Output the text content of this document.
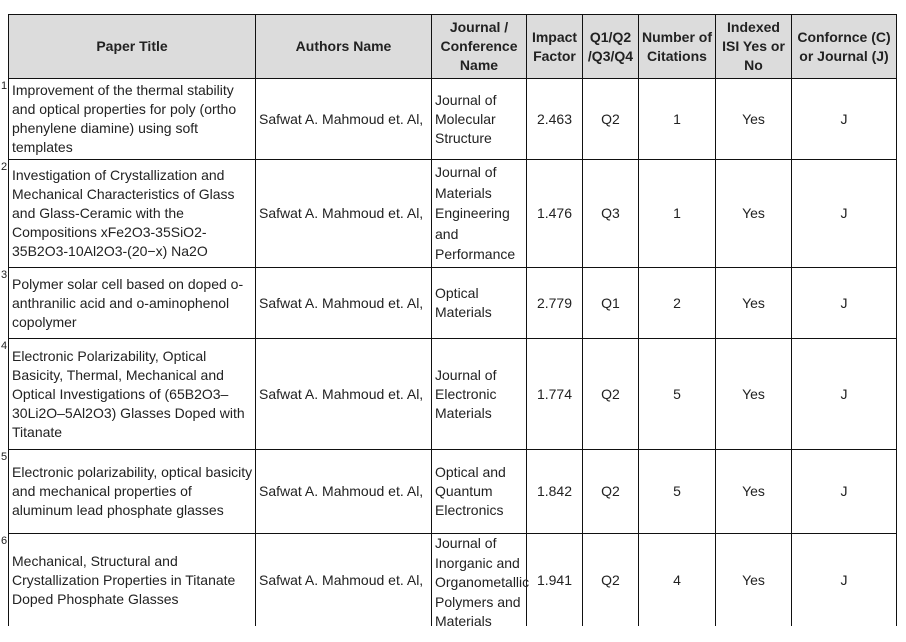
Paper Title	Authors Name	Journal / Conference Name	Impact Factor	Q1/Q2 /Q3/Q4	Number of Citations	Indexed ISI Yes or No	Confornce (C) or Journal (J)

1 Improvement of the thermal stability and optical properties for poly (ortho phenylene diamine) using soft templates	Safwat A. Mahmoud et. Al,	Journal of Molecular Structure	2.463	Q2	1	Yes	J

2 Investigation of Crystallization and Mechanical Characteristics of Glass and Glass-Ceramic with the Compositions xFe2O3-35SiO2-35B2O3-10Al2O3-(20−x) Na2O	Safwat A. Mahmoud et. Al,	Journal of Materials Engineering and Performance	1.476	Q3	1	Yes	J

3
Polymer solar cell based on doped o-anthranilic acid and o-aminophenol copolymer	Safwat A. Mahmoud et. Al,	Optical Materials	2.779	Q1	2	Yes	J

4
Electronic Polarizability, Optical Basicity, Thermal, Mechanical and Optical Investigations of (65B2O3–30Li2O–5Al2O3) Glasses Doped with Titanate	Safwat A. Mahmoud et. Al,	Journal of Electronic Materials	1.774	Q2	5	Yes	J

5
Electronic polarizability, optical basicity and mechanical properties of aluminum lead phosphate glasses	Safwat A. Mahmoud et. Al,	Optical and Quantum Electronics	1.842	Q2	5	Yes	J

6
Mechanical, Structural and Crystallization Properties in Titanate Doped Phosphate Glasses	Safwat A. Mahmoud et. Al,	Journal of Inorganic and Organometallic Polymers and Materials	1.941	Q2	4	Yes	J
